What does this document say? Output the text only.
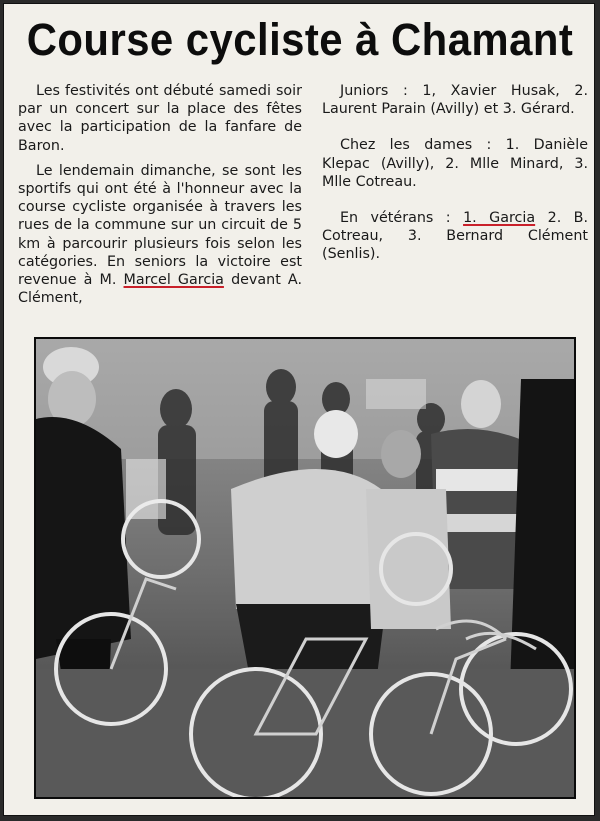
Course cycliste à Chamant

Les festivités ont débuté samedi soir par un concert sur la place des fêtes avec la participation de la fanfare de Baron.

Le lendemain dimanche, se sont les sportifs qui ont été à l'honneur avec la course cycliste organisée à travers les rues de la commune sur un circuit de 5 km à parcourir plusieurs fois selon les catégories. En seniors la victoire est revenue à M. Marcel Garcia devant A. Clément,

Juniors : 1, Xavier Husak, 2. Laurent Parain (Avilly) et 3. Gérard.

Chez les dames : 1. Danièle Klepac (Avilly), 2. Mlle Minard, 3. Mlle Cotreau.

En vétérans : 1. Garcia 2. B. Cotreau, 3. Bernard Clément (Senlis).
